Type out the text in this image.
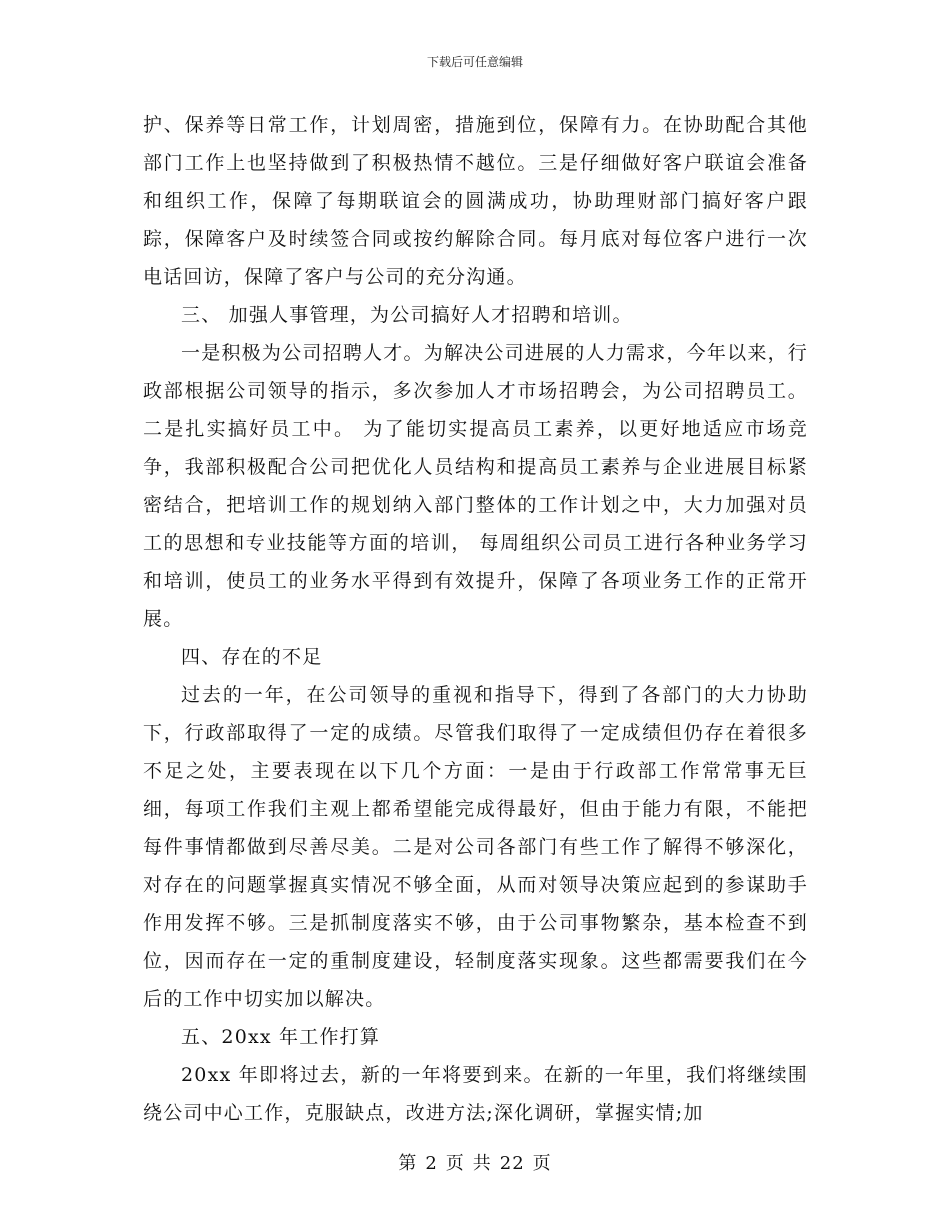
下载后可任意编辑

护、保养等日常工作，计划周密，措施到位，保障有力。在协助配合其他部门工作上也坚持做到了积极热情不越位。三是仔细做好客户联谊会准备和组织工作，保障了每期联谊会的圆满成功，协助理财部门搞好客户跟踪，保障客户及时续签合同或按约解除合同。每月底对每位客户进行一次电话回访，保障了客户与公司的充分沟通。

三、 加强人事管理，为公司搞好人才招聘和培训。

一是积极为公司招聘人才。为解决公司进展的人力需求，今年以来，行政部根据公司领导的指示，多次参加人才市场招聘会，为公司招聘员工。二是扎实搞好员工中。 为了能切实提高员工素养，以更好地适应市场竞争，我部积极配合公司把优化人员结构和提高员工素养与企业进展目标紧密结合，把培训工作的规划纳入部门整体的工作计划之中，大力加强对员工的思想和专业技能等方面的培训， 每周组织公司员工进行各种业务学习和培训，使员工的业务水平得到有效提升，保障了各项业务工作的正常开展。

四、存在的不足

过去的一年，在公司领导的重视和指导下，得到了各部门的大力协助下，行政部取得了一定的成绩。尽管我们取得了一定成绩但仍存在着很多不足之处，主要表现在以下几个方面：一是由于行政部工作常常事无巨细，每项工作我们主观上都希望能完成得最好，但由于能力有限，不能把每件事情都做到尽善尽美。二是对公司各部门有些工作了解得不够深化，对存在的问题掌握真实情况不够全面，从而对领导决策应起到的参谋助手作用发挥不够。三是抓制度落实不够，由于公司事物繁杂，基本检查不到位，因而存在一定的重制度建设，轻制度落实现象。这些都需要我们在今后的工作中切实加以解决。

五、20xx 年工作打算

20xx 年即将过去，新的一年将要到来。在新的一年里，我们将继续围绕公司中心工作，克服缺点，改进方法;深化调研，掌握实情;加

第 2 页 共 22 页
